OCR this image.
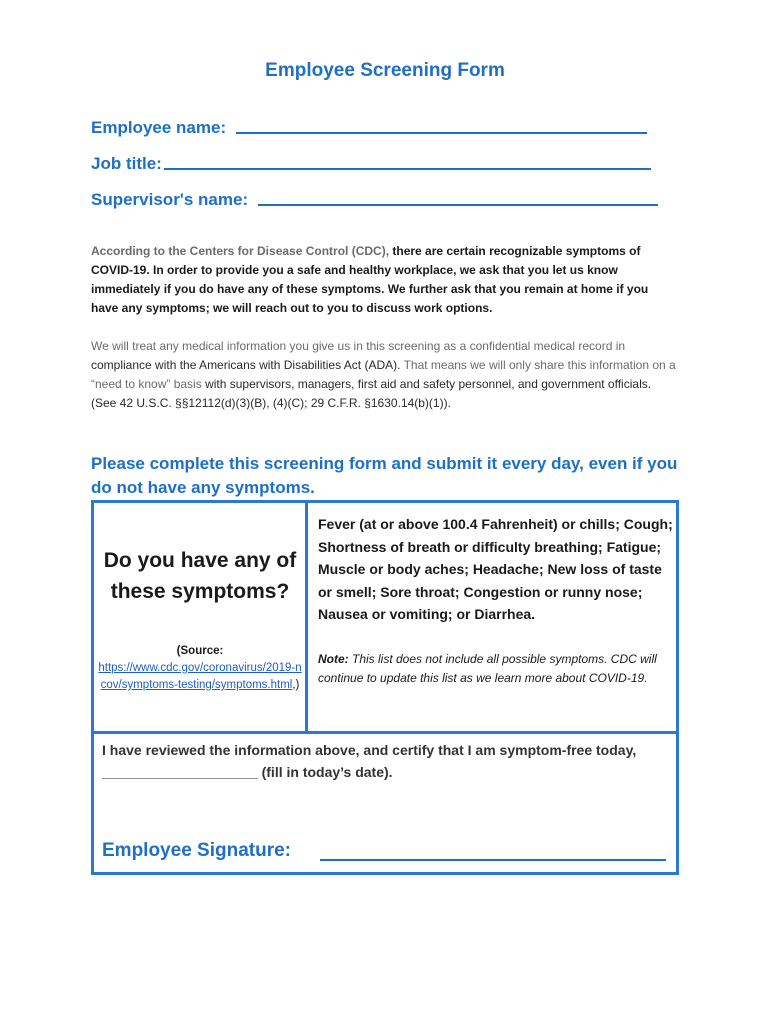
Employee Screening Form
Employee name:
Job title:
Supervisor's name:
According to the Centers for Disease Control (CDC), there are certain recognizable symptoms of COVID-19. In order to provide you a safe and healthy workplace, we ask that you let us know immediately if you do have any of these symptoms. We further ask that you remain at home if you have any symptoms; we will reach out to you to discuss work options.
We will treat any medical information you give us in this screening as a confidential medical record in compliance with the Americans with Disabilities Act (ADA). That means we will only share this information on a “need to know” basis with supervisors, managers, first aid and safety personnel, and government officials. (See 42 U.S.C. §§12112(d)(3)(B), (4)(C); 29 C.F.R. §1630.14(b)(1)).
Please complete this screening form and submit it every day, even if you do not have any symptoms.
Do you have any of these symptoms?
(Source:
https://www.cdc.gov/coronavirus/2019-ncov/symptoms-testing/symptoms.html,)
Fever (at or above 100.4 Fahrenheit) or chills; Cough; Shortness of breath or difficulty breathing; Fatigue; Muscle or body aches; Headache; New loss of taste or smell; Sore throat; Congestion or runny nose; Nausea or vomiting; or Diarrhea.
Note: This list does not include all possible symptoms. CDC will continue to update this list as we learn more about COVID-19.
I have reviewed the information above, and certify that I am symptom-free today, ____________________ (fill in today’s date).
Employee Signature:
